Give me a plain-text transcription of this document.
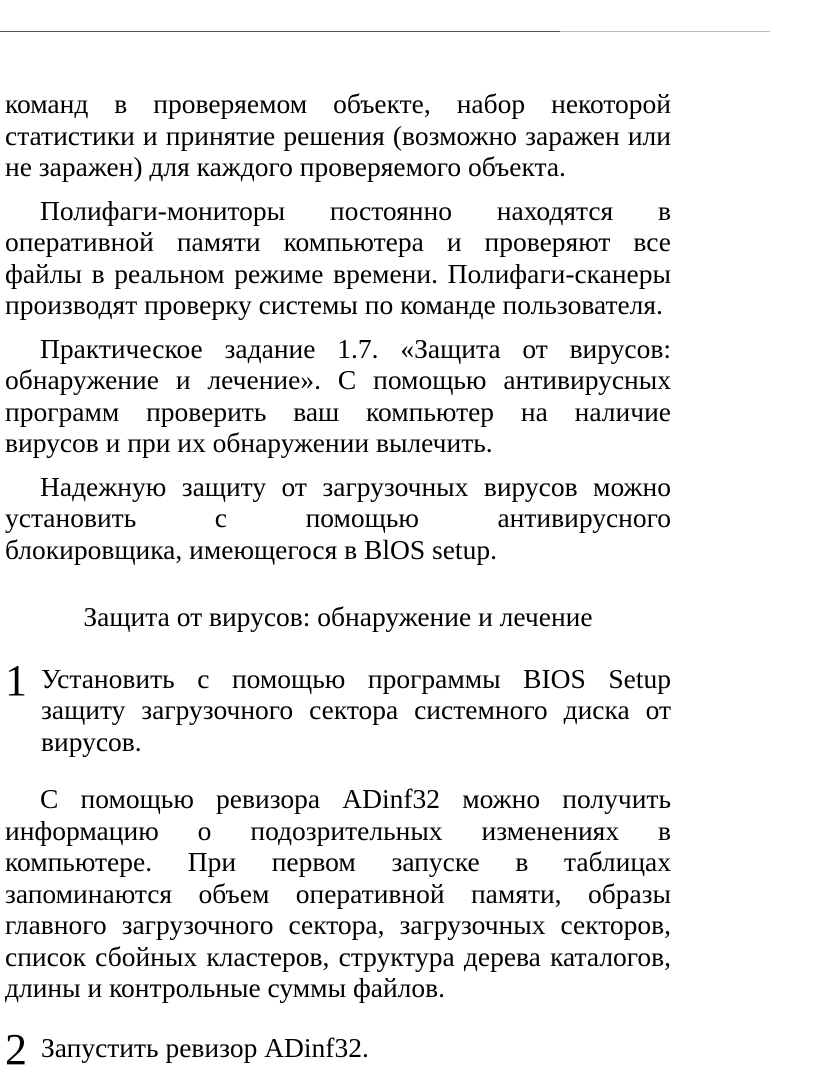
команд в проверяемом объекте, набор некоторой статистики и принятие решения (возможно заражен или не заражен) для каждого проверяемого объекта.

Полифаги-мониторы постоянно находятся в оперативной памяти компьютера и проверяют все файлы в реальном режиме времени. Полифаги-сканеры производят проверку системы по команде пользователя.

Практическое задание 1.7. «Защита от вирусов: обнаружение и лечение». С помощью антивирусных программ проверить ваш компьютер на наличие вирусов и при их обнаружении вылечить.

Надежную защиту от загрузочных вирусов можно установить с помощью антивирусного

блокировщика, имеющегося в BlOS setup.

Защита от вирусов: обнаружение и лечение

1 Установить с помощью программы BIOS Setup защиту загрузочного сектора системного диска от вирусов.

С помощью ревизора ADinf32 можно получить информацию о подозрительных изменениях в компьютере. При первом запуске в таблицах запоминаются объем оперативной памяти, образы главного загрузочного сектора, загрузочных секторов, список сбойных кластеров, структура дерева каталогов, длины и контрольные суммы файлов.

2 Запустить ревизор ADinf32.
